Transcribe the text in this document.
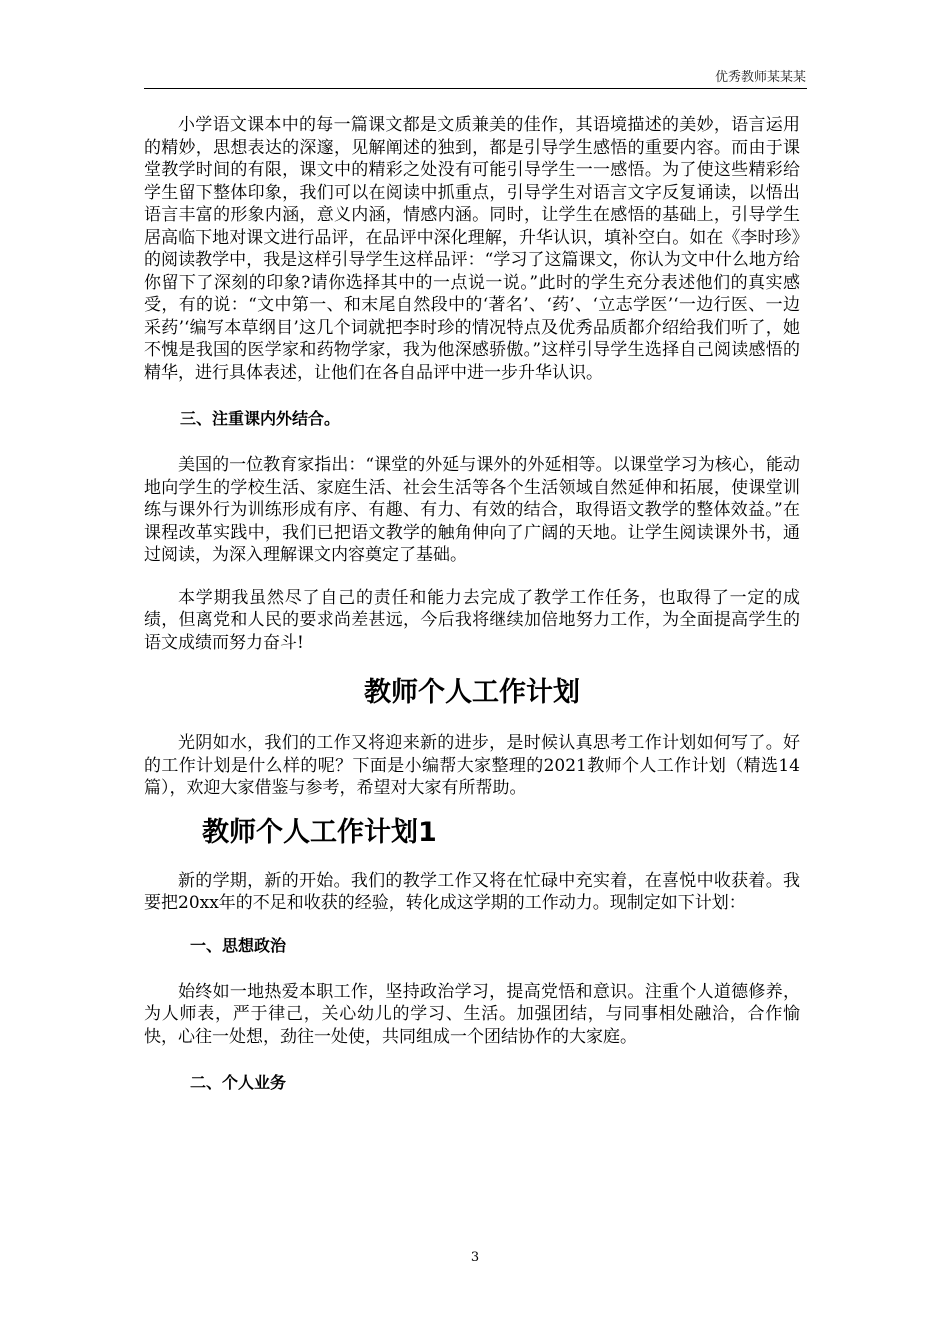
优秀教师某某某

小学语文课本中的每一篇课文都是文质兼美的佳作，其语境描述的美妙，语言运用的精妙，思想表达的深邃，见解阐述的独到，都是引导学生感悟的重要内容。而由于课堂教学时间的有限，课文中的精彩之处没有可能引导学生一一感悟。为了使这些精彩给学生留下整体印象，我们可以在阅读中抓重点，引导学生对语言文字反复诵读，以悟出语言丰富的形象内涵，意义内涵，情感内涵。同时，让学生在感悟的基础上，引导学生居高临下地对课文进行品评，在品评中深化理解，升华认识，填补空白。如在《李时珍》的阅读教学中，我是这样引导学生这样品评：“学习了这篇课文，你认为文中什么地方给你留下了深刻的印象?请你选择其中的一点说一说。”此时的学生充分表述他们的真实感受，有的说：“文中第一、和末尾自然段中的‘著名’、‘药’、‘立志学医’‘一边行医、一边采药’‘编写本草纲目’这几个词就把李时珍的情况特点及优秀品质都介绍给我们听了，她不愧是我国的医学家和药物学家，我为他深感骄傲。”这样引导学生选择自己阅读感悟的精华，进行具体表述，让他们在各自品评中进一步升华认识。

三、注重课内外结合。

美国的一位教育家指出：“课堂的外延与课外的外延相等。以课堂学习为核心，能动地向学生的学校生活、家庭生活、社会生活等各个生活领域自然延伸和拓展，使课堂训练与课外行为训练形成有序、有趣、有力、有效的结合，取得语文教学的整体效益。”在课程改革实践中，我们已把语文教学的触角伸向了广阔的天地。让学生阅读课外书，通过阅读，为深入理解课文内容奠定了基础。

本学期我虽然尽了自己的责任和能力去完成了教学工作任务，也取得了一定的成绩，但离党和人民的要求尚差甚远，今后我将继续加倍地努力工作，为全面提高学生的语文成绩而努力奋斗!

教师个人工作计划

光阴如水，我们的工作又将迎来新的进步，是时候认真思考工作计划如何写了。好的工作计划是什么样的呢？下面是小编帮大家整理的2021教师个人工作计划（精选14篇），欢迎大家借鉴与参考，希望对大家有所帮助。

教师个人工作计划1

新的学期，新的开始。我们的教学工作又将在忙碌中充实着，在喜悦中收获着。我要把20xx年的不足和收获的经验，转化成这学期的工作动力。现制定如下计划：

一、思想政治

始终如一地热爱本职工作，坚持政治学习，提高党悟和意识。注重个人道德修养，为人师表，严于律己，关心幼儿的学习、生活。加强团结，与同事相处融洽，合作愉快，心往一处想，劲往一处使，共同组成一个团结协作的大家庭。

二、个人业务
3
